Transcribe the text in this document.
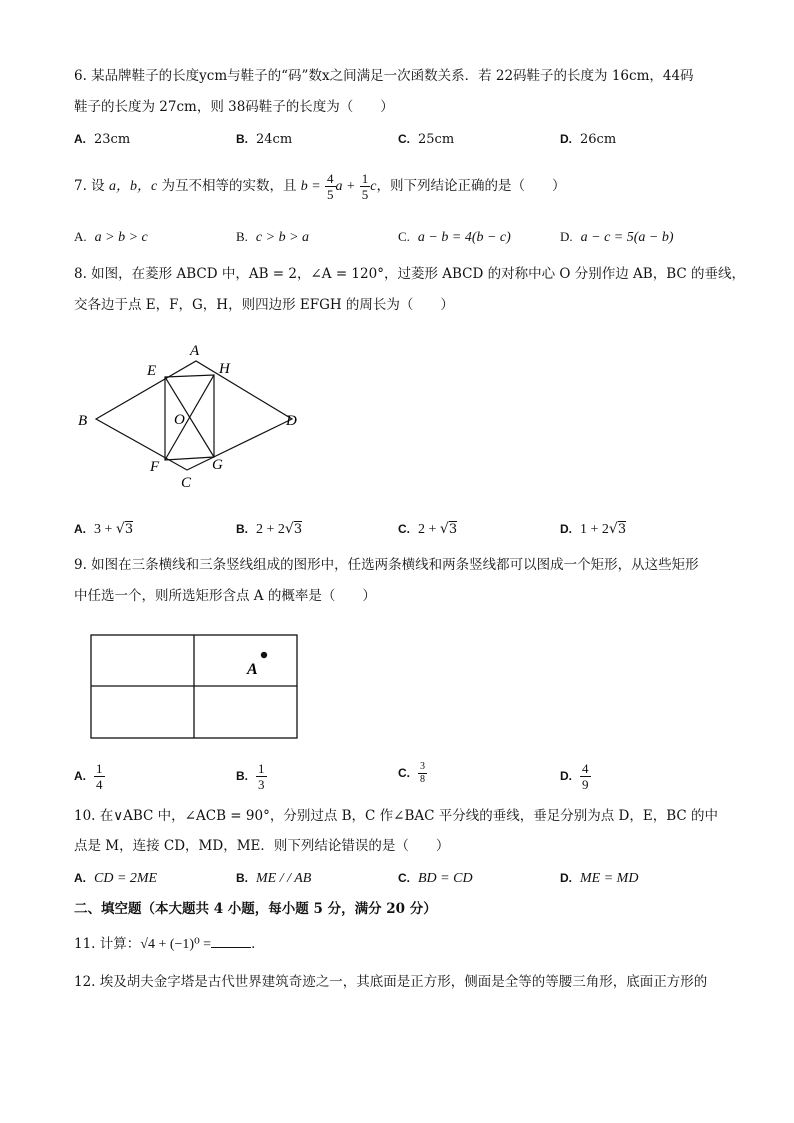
6. 某品牌鞋子的长度ycm与鞋子的“码”数x之间满足一次函数关系．若 22码鞋子的长度为 16cm，44码
鞋子的长度为 27cm，则 38码鞋子的长度为（　　）
A. 23cm	B. 24cm	C. 25cm	D. 26cm
7. 设 a，b，c 为互不相等的实数，且 $b = \frac{4}{5}$ $a + \frac{1}{5}$ c，则下列结论正确的是（　　）
A. a > b > c	B. c > b > a	C. a − b = 4(b − c)	D. a − c = 5(a − b)
8. 如图，在菱形 ABCD 中，AB = 2，∠A = 120°，过菱形 ABCD 的对称中心 O 分别作边 AB，BC 的垂线，
交各边于点 E，F，G，H，则四边形 EFGH 的周长为（　　）
A
B
C
D
E
F	G
H
O
A. 3 + √3	B. 2 + 2√3	C. 2 + √3	D. 1 + 2√3
9. 如图在三条横线和三条竖线组成的图形中，任选两条横线和两条竖线都可以图成一个矩形，从这些矩形
中任选一个，则所选矩形含点 A 的概率是（　　）
A
A. $\frac{1}{4}$	B. $\frac{1}{3}$	C. $\frac{3}{8}$	D. $\frac{4}{9}$
10. 在∨ABC 中，∠ACB = 90°，分别过点 B，C 作∠BAC 平分线的垂线，垂足分别为点 D，E，BC 的中
点是 M，连接 CD，MD，ME．则下列结论错误的是（　　）
A. CD = 2ME	B. ME / / AB	C. BD = CD	D. ME = MD
二、填空题（本大题共 4 小题，每小题 5 分，满分 20 分）
11. 计算：√4 + (−1)⁰ =	．
12. 埃及胡夫金字塔是古代世界建筑奇迹之一，其底面是正方形，侧面是全等的等腰三角形，底面正方形的
